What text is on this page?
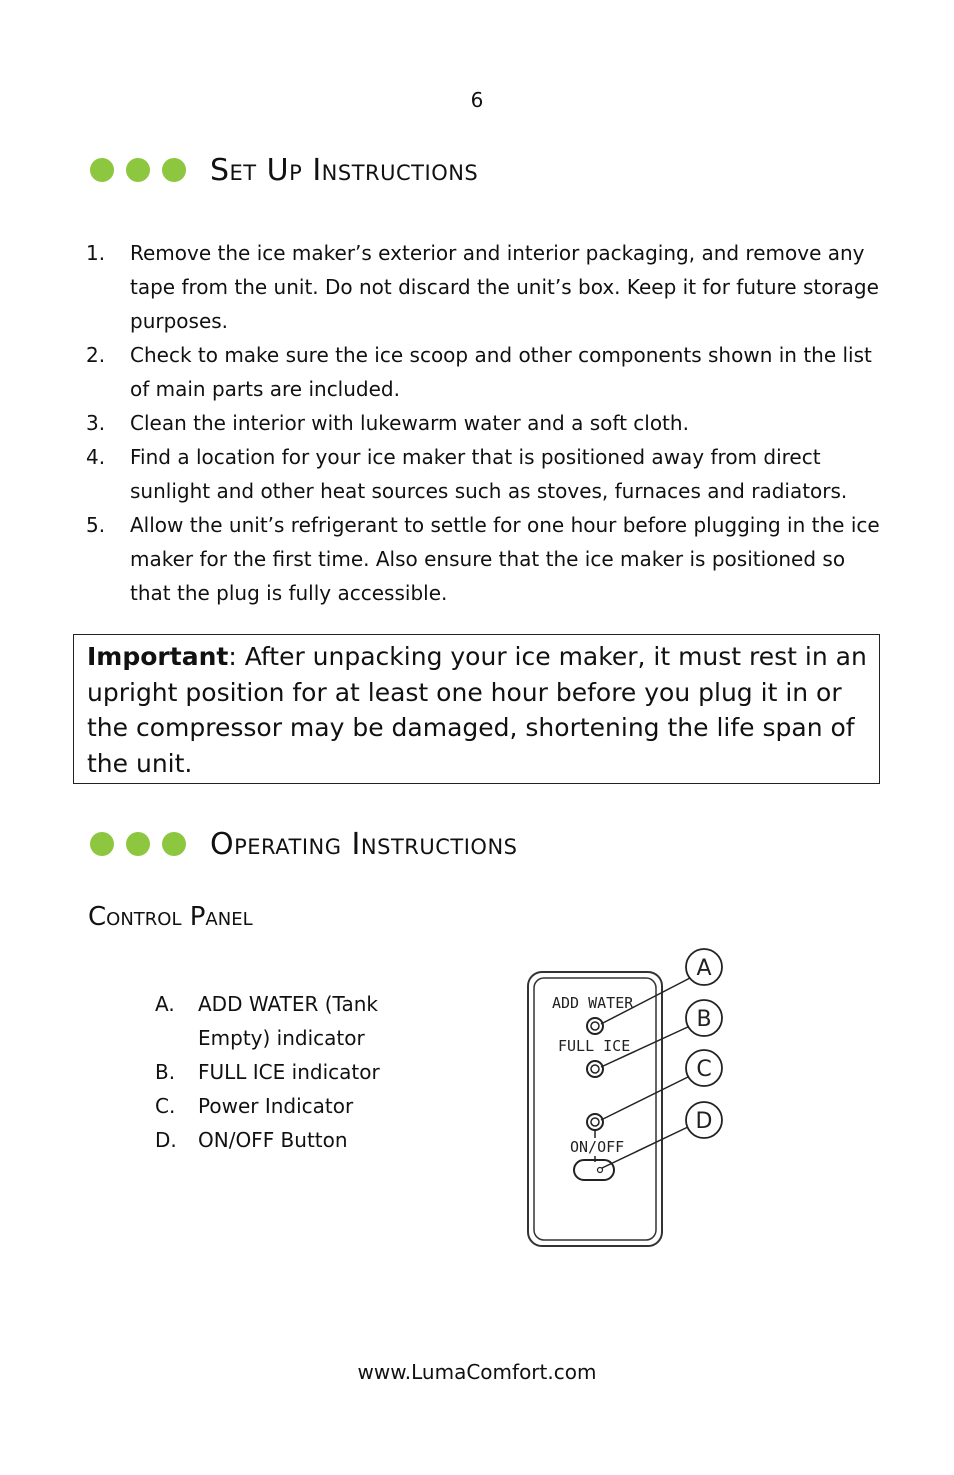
6
Set Up Instructions
1. Remove the ice maker’s exterior and interior packaging, and remove any tape from the unit. Do not discard the unit’s box. Keep it for future storage purposes.
2. Check to make sure the ice scoop and other components shown in the list of main parts are included.
3. Clean the interior with lukewarm water and a soft cloth.
4. Find a location for your ice maker that is positioned away from direct sunlight and other heat sources such as stoves, furnaces and radiators.
5. Allow the unit’s refrigerant to settle for one hour before plugging in the ice maker for the first time. Also ensure that the ice maker is positioned so that the plug is fully accessible.
Important: After unpacking your ice maker, it must rest in an upright position for at least one hour before you plug it in or the compressor may be damaged, shortening the life span of the unit.
Operating Instructions
Control Panel
A. ADD WATER (Tank Empty) indicator
B. FULL ICE indicator
C. Power Indicator
D. ON/OFF Button
ADD WATER
FULL ICE
ON/OFF
A
B
C
D
www.LumaComfort.com
